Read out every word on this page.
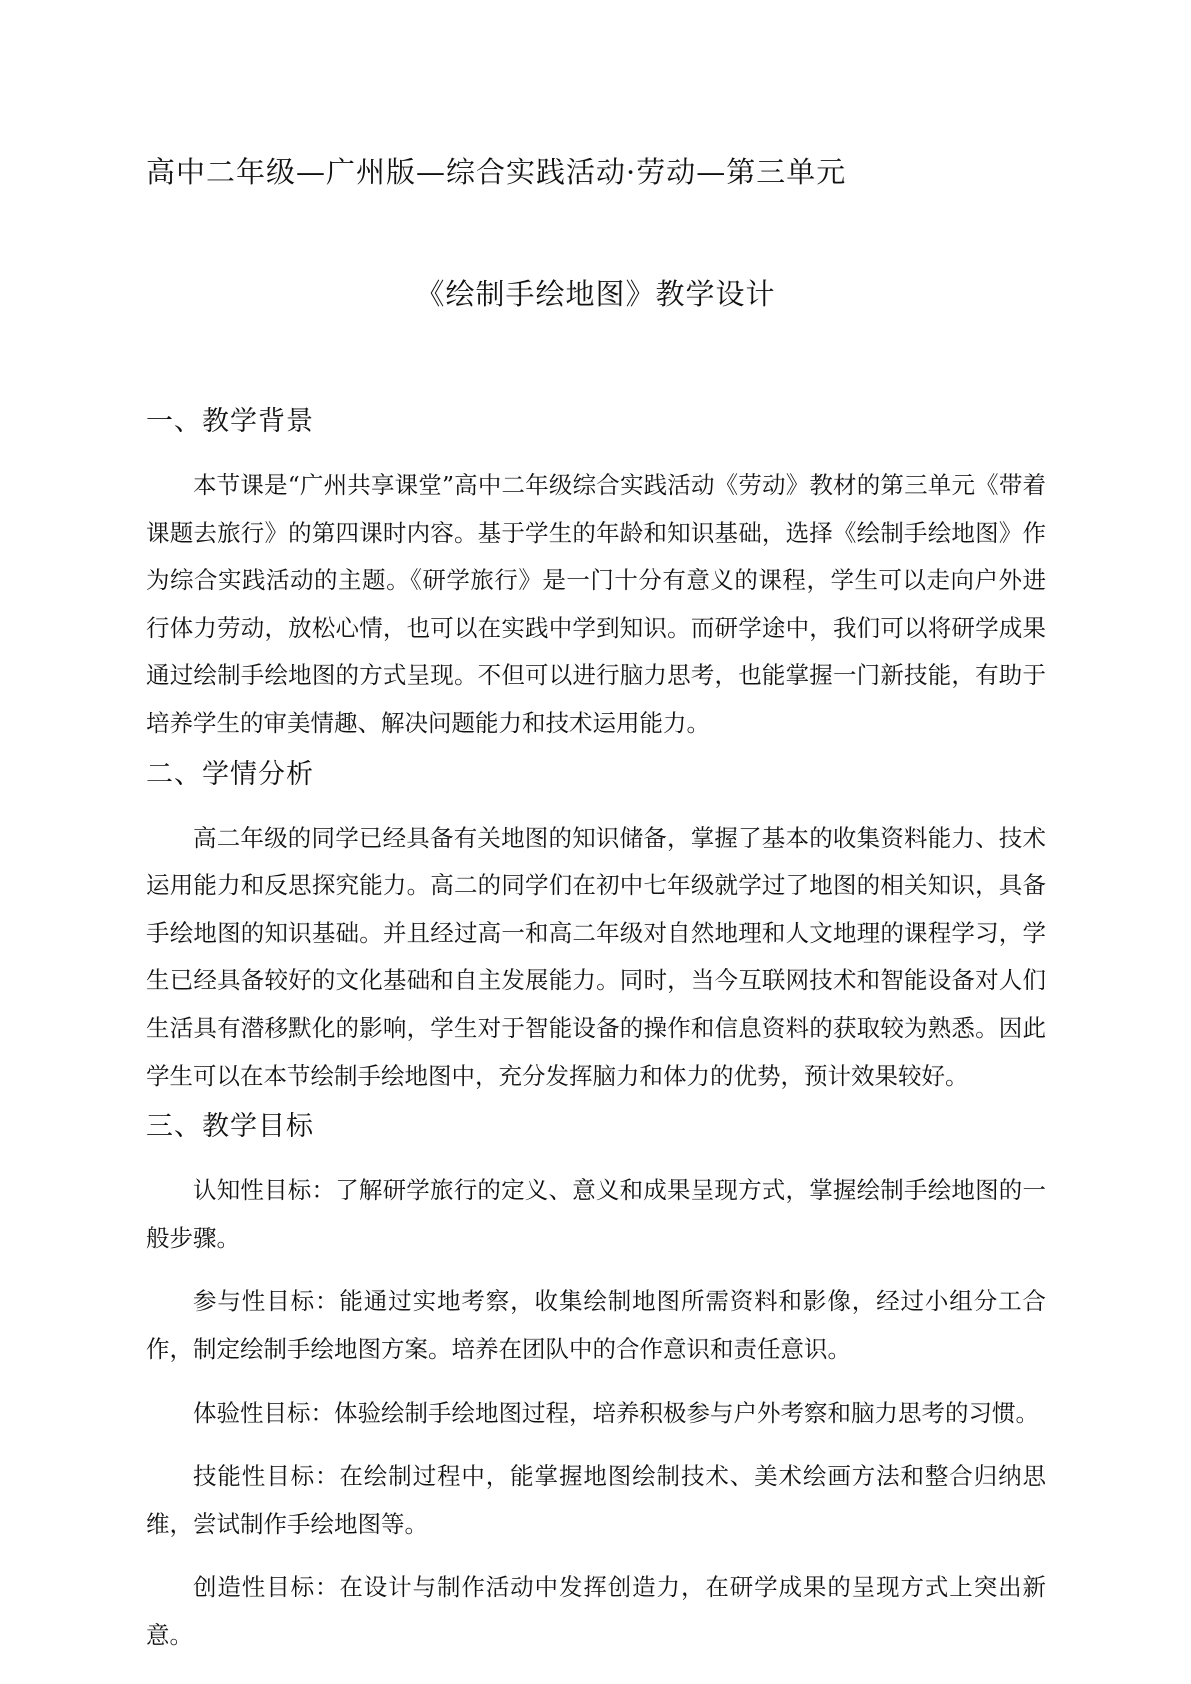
高中二年级—广州版—综合实践活动·劳动—第三单元
《绘制手绘地图》教学设计
一、教学背景

本节课是“广州共享课堂”高中二年级综合实践活动《劳动》教材的第三单元《带着课题去旅行》的第四课时内容。基于学生的年龄和知识基础，选择《绘制手绘地图》作为综合实践活动的主题。《研学旅行》是一门十分有意义的课程，学生可以走向户外进行体力劳动，放松心情，也可以在实践中学到知识。而研学途中，我们可以将研学成果通过绘制手绘地图的方式呈现。不但可以进行脑力思考，也能掌握一门新技能，有助于培养学生的审美情趣、解决问题能力和技术运用能力。

二、学情分析

高二年级的同学已经具备有关地图的知识储备，掌握了基本的收集资料能力、技术运用能力和反思探究能力。高二的同学们在初中七年级就学过了地图的相关知识，具备手绘地图的知识基础。并且经过高一和高二年级对自然地理和人文地理的课程学习，学生已经具备较好的文化基础和自主发展能力。同时，当今互联网技术和智能设备对人们生活具有潜移默化的影响，学生对于智能设备的操作和信息资料的获取较为熟悉。因此学生可以在本节绘制手绘地图中，充分发挥脑力和体力的优势，预计效果较好。

三、教学目标

认知性目标：了解研学旅行的定义、意义和成果呈现方式，掌握绘制手绘地图的一般步骤。

参与性目标：能通过实地考察，收集绘制地图所需资料和影像，经过小组分工合作，制定绘制手绘地图方案。培养在团队中的合作意识和责任意识。

体验性目标：体验绘制手绘地图过程，培养积极参与户外考察和脑力思考的习惯。

技能性目标：在绘制过程中，能掌握地图绘制技术、美术绘画方法和整合归纳思维，尝试制作手绘地图等。

创造性目标：在设计与制作活动中发挥创造力，在研学成果的呈现方式上突出新意。
